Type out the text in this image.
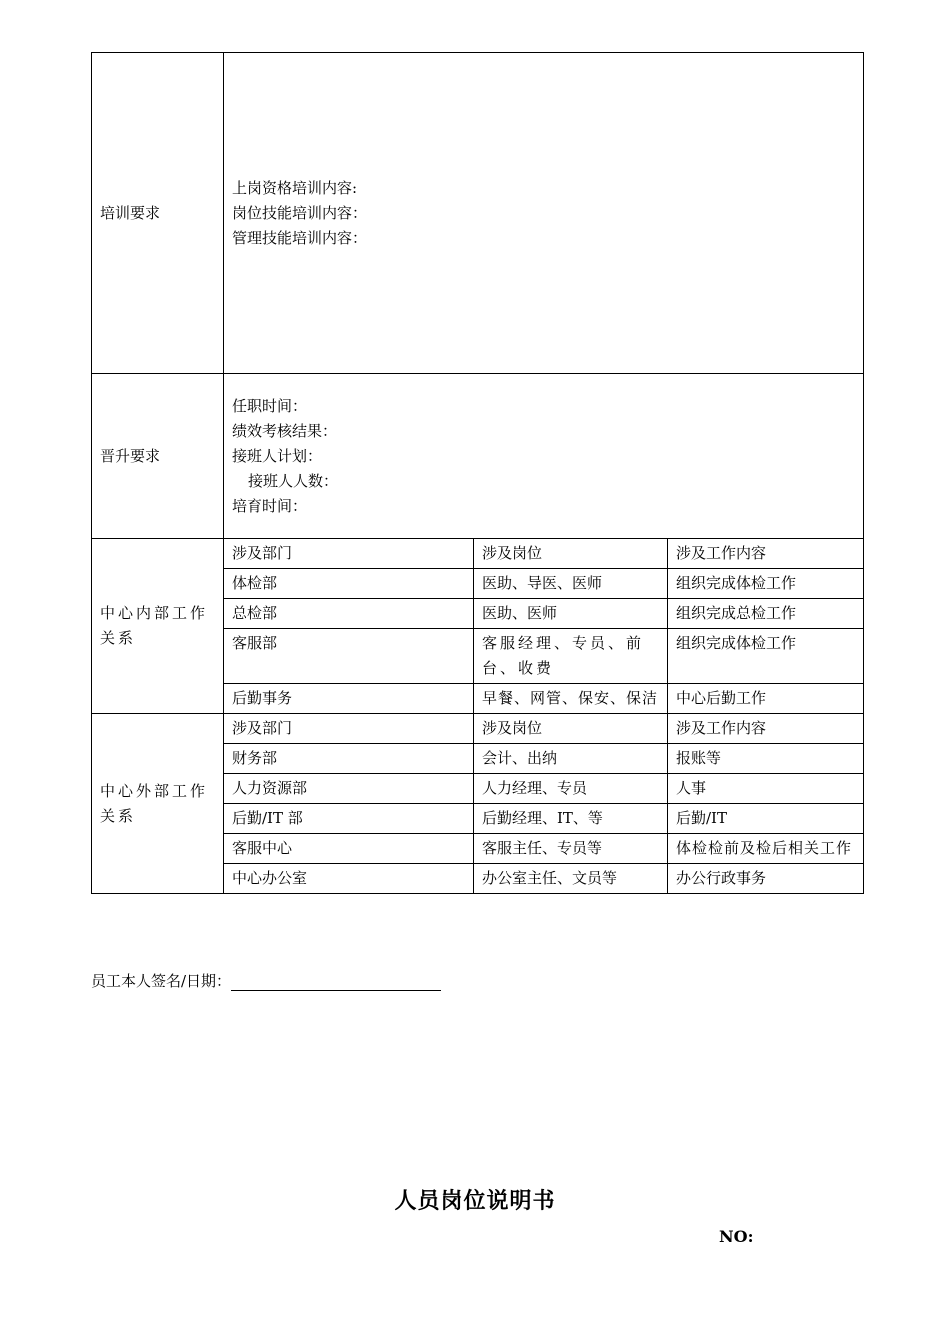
培训要求	上岗资格培训内容:
岗位技能培训内容：
管理技能培训内容：		

晋升要求	任职时间：
绩效考核结果：
接班人计划：
接班人人数：
培育时间：		

中心内部工作关系	涉及部门	涉及岗位	涉及工作内容
	体检部	医助、导医、医师	组织完成体检工作
	总检部	医助、医师	组织完成总检工作
	客服部	客服经理、专员、前台、收费	组织完成体检工作
	后勤事务	早餐、网管、保安、保洁	中心后勤工作
中心外部工作关系	涉及部门	涉及岗位	涉及工作内容
	财务部	会计、出纳	报账等
	人力资源部	人力经理、专员	人事
	后勤/IT 部	后勤经理、IT、等	后勤/IT
	客服中心	客服主任、专员等	体检检前及检后相关工作
	中心办公室	办公室主任、文员等	办公行政事务
员工本人签名/日期：
人员岗位说明书
NO:
